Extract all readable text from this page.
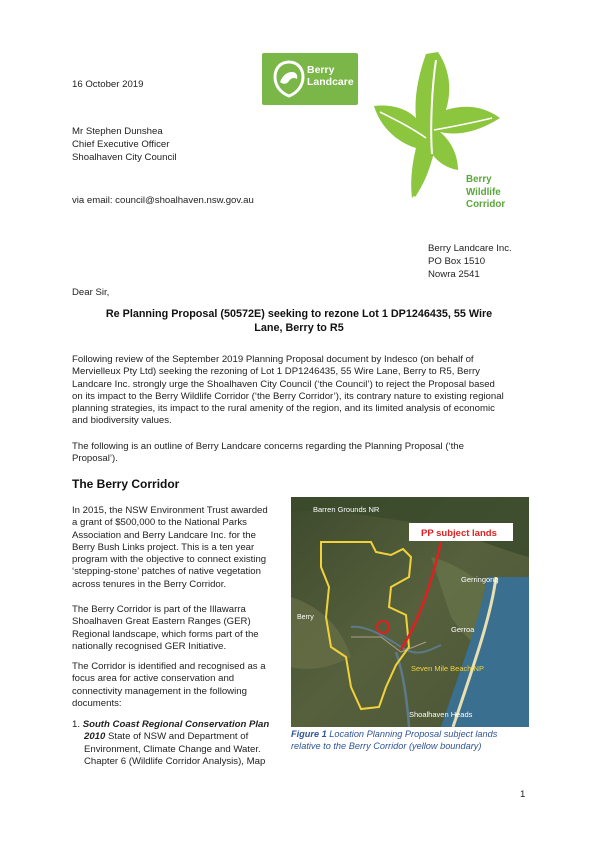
16 October 2019
Mr Stephen Dunshea
Chief Executive Officer
Shoalhaven City Council
via email: council@shoalhaven.nsw.gov.au
Berry
Landcare
Berry
Wildlife
Corridor
Berry Landcare Inc.
PO Box 1510
Nowra 2541
Dear Sir,
Re Planning Proposal (50572E) seeking to rezone Lot 1 DP1246435, 55 Wire
Lane, Berry to R5
Following review of the September 2019 Planning Proposal document by Indesco (on behalf of
Mervielleux Pty Ltd) seeking the rezoning of Lot 1 DP1246435, 55 Wire Lane, Berry to R5, Berry
Landcare Inc. strongly urge the Shoalhaven City Council (‘the Council’) to reject the Proposal based
on its impact to the Berry Wildlife Corridor (‘the Berry Corridor’), its contrary nature to existing regional
planning strategies, its impact to the rural amenity of the region, and its limited analysis of economic
and biodiversity values.
The following is an outline of Berry Landcare concerns regarding the Planning Proposal (‘the
Proposal’).
The Berry Corridor
In 2015, the NSW Environment Trust awarded
a grant of $500,000 to the National Parks
Association and Berry Landcare Inc. for the
Berry Bush Links project. This is a ten year
program with the objective to connect existing
‘stepping-stone’ patches of native vegetation
across tenures in the Berry Corridor.
The Berry Corridor is part of the Illawarra
Shoalhaven Great Eastern Ranges (GER)
Regional landscape, which forms part of the
nationally recognised GER Initiative.
The Corridor is identified and recognised as a
focus area for active conservation and
connectivity management in the following
documents:
1. South Coast Regional Conservation Plan
2010 State of NSW and Department of
Environment, Climate Change and Water.
Chapter 6 (Wildlife Corridor Analysis), Map
PP subject lands
Barren Grounds NR
Gerringong
Berry
Gerroa
Seven Mile Beach NP
Shoalhaven Heads
Figure 1 Location Planning Proposal subject lands
relative to the Berry Corridor (yellow boundary)
1
